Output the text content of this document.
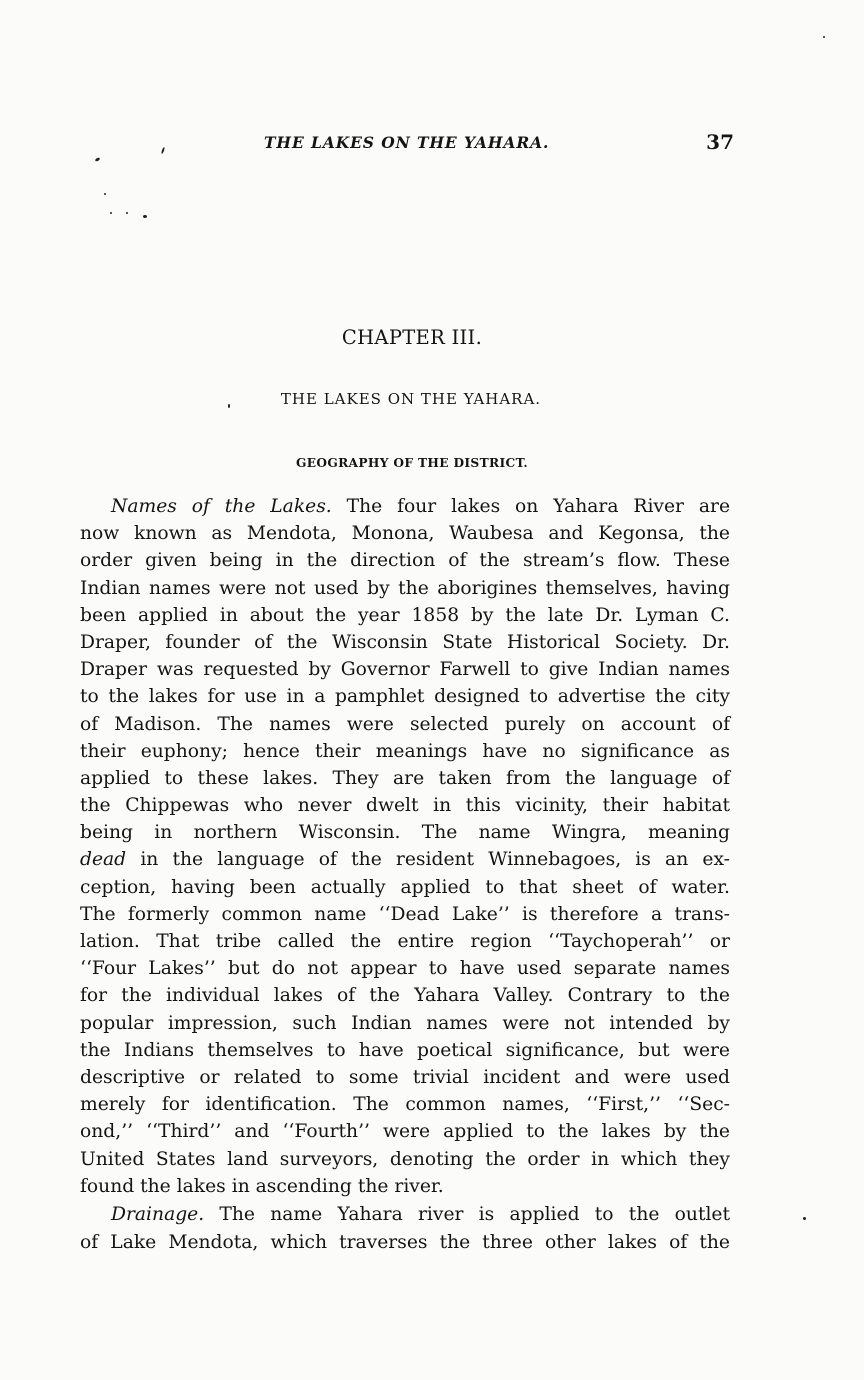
THE LAKES ON THE YAHARA.	37
CHAPTER III.
THE LAKES ON THE YAHARA.
GEOGRAPHY OF THE DISTRICT.
Names of the Lakes. The four lakes on Yahara River are
now known as Mendota, Monona, Waubesa and Kegonsa, the
order given being in the direction of the stream’s flow. These
Indian names were not used by the aborigines themselves, having
been applied in about the year 1858 by the late Dr. Lyman C.
Draper, founder of the Wisconsin State Historical Society. Dr.
Draper was requested by Governor Farwell to give Indian names
to the lakes for use in a pamphlet designed to advertise the city
of Madison. The names were selected purely on account of
their euphony; hence their meanings have no significance as
applied to these lakes. They are taken from the language of
the Chippewas who never dwelt in this vicinity, their habitat
being in northern Wisconsin. The name Wingra, meaning
dead in the language of the resident Winnebagoes, is an ex-
ception, having been actually applied to that sheet of water.
The formerly common name ‘‘Dead Lake’’ is therefore a trans-
lation. That tribe called the entire region ‘‘Taychoperah’’ or
‘‘Four Lakes’’ but do not appear to have used separate names
for the individual lakes of the Yahara Valley. Contrary to the
popular impression, such Indian names were not intended by
the Indians themselves to have poetical significance, but were
descriptive or related to some trivial incident and were used
merely for identification. The common names, ‘‘First,’’ ‘‘Sec-
ond,’’ ‘‘Third’’ and ‘‘Fourth’’ were applied to the lakes by the
United States land surveyors, denoting the order in which they
found the lakes in ascending the river.
Drainage. The name Yahara river is applied to the outlet
of Lake Mendota, which traverses the three other lakes of the
